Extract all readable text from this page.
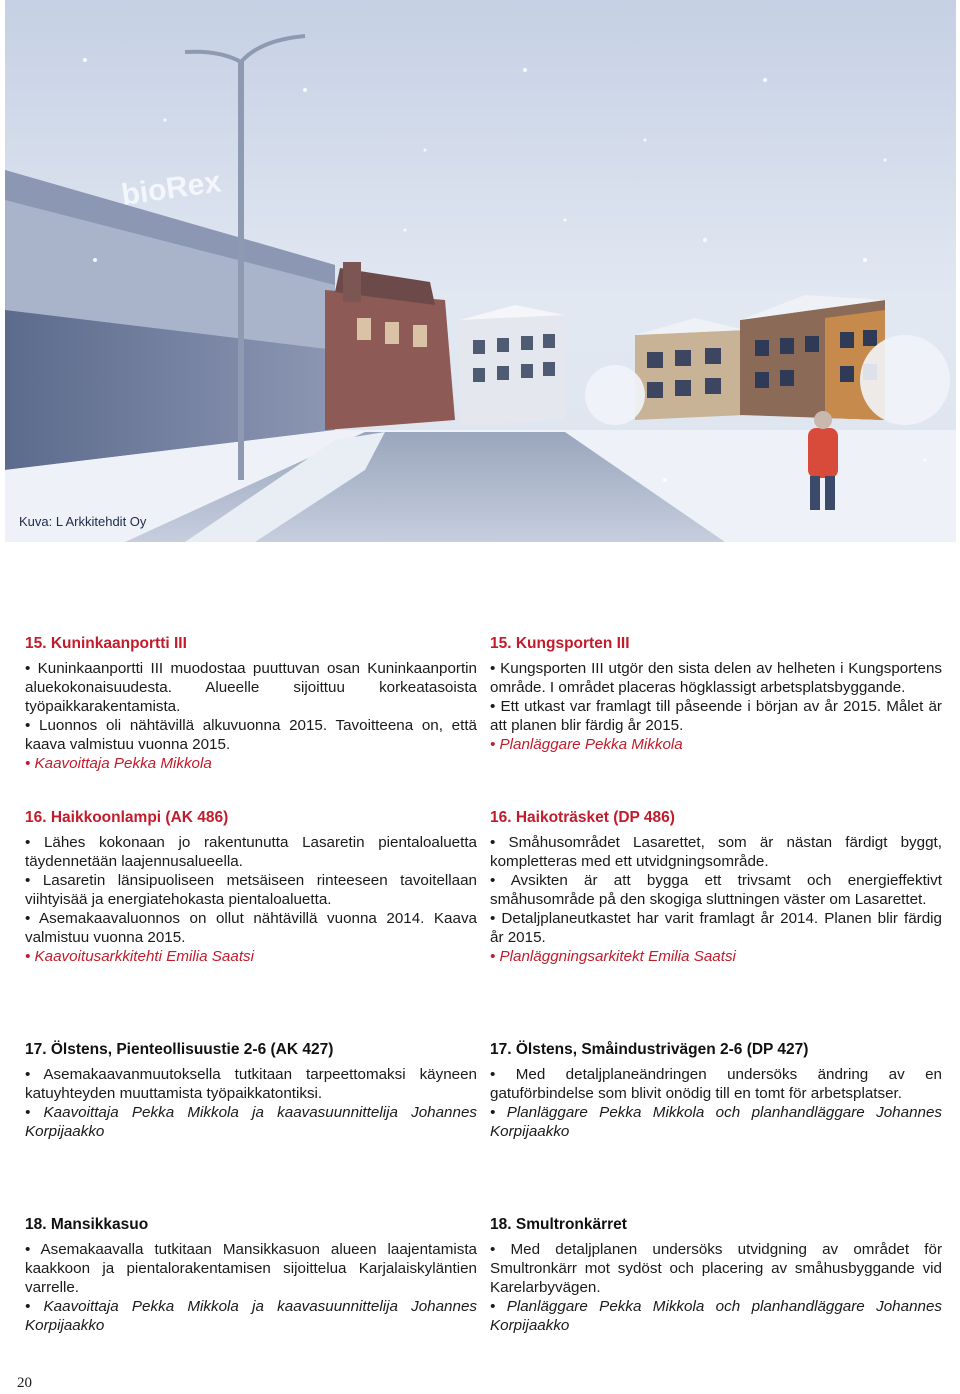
bioRex
Kuva: L Arkkitehdit Oy
15. Kuninkaanportti III

• Kuninkaanportti III muodostaa puuttuvan osan Kuninkaanportin aluekokonaisuudesta. Alueelle sijoittuu korkeatasoista työpaikkarakentamista.

• Luonnos oli nähtävillä alkuvuonna 2015. Tavoitteena on, että kaava valmistuu vuonna 2015.

• Kaavoittaja Pekka Mikkola

16. Haikkoonlampi (AK 486)

• Lähes kokonaan jo rakentunutta Lasaretin pientaloaluetta täydennetään laajennusalueella.

• Lasaretin länsipuoliseen metsäiseen rinteeseen tavoitellaan viihtyisää ja energiatehokasta pientaloaluetta.

• Asemakaavaluonnos on ollut nähtävillä vuonna 2014. Kaava valmistuu vuonna 2015.

• Kaavoitusarkkitehti Emilia Saatsi

17. Ölstens, Pienteollisuustie 2-6 (AK 427)

• Asemakaavanmuutoksella tutkitaan tarpeettomaksi käyneen katuyhteyden muuttamista työpaikkatontiksi.

• Kaavoittaja Pekka Mikkola ja kaavasuunnittelija Johannes Korpijaakko

18. Mansikkasuo

• Asemakaavalla tutkitaan Mansikkasuon alueen laajentamista kaakkoon ja pientalorakentamisen sijoittelua Karjalaiskyläntien varrelle.

• Kaavoittaja Pekka Mikkola ja kaavasuunnittelija Johannes Korpijaakko

15. Kungsporten III

• Kungsporten III utgör den sista delen av helheten i Kungsportens område. I området placeras högklassigt arbetsplatsbyggande.

• Ett utkast var framlagt till påseende i början av år 2015. Målet är att planen blir färdig år 2015.

• Planläggare Pekka Mikkola

16. Haikoträsket (DP 486)

• Småhusområdet Lasarettet, som är nästan färdigt byggt, kompletteras med ett utvidgningsområde.

• Avsikten är att bygga ett trivsamt och energieffektivt småhusområde på den skogiga sluttningen väster om Lasarettet.

• Detaljplaneutkastet har varit framlagt år 2014. Planen blir färdig år 2015.

• Planläggningsarkitekt Emilia Saatsi

17. Ölstens, Småindustrivägen 2-6 (DP 427)

• Med detaljplaneändringen undersöks ändring av en gatuförbindelse som blivit onödig till en tomt för arbetsplatser.

• Planläggare Pekka Mikkola och planhandläggare Johannes Korpijaakko

18. Smultronkärret

• Med detaljplanen undersöks utvidgning av området för Smultronkärr mot sydöst och placering av småhusbyggande vid Karelarbyvägen.

• Planläggare Pekka Mikkola och planhandläggare Johannes Korpijaakko

20
